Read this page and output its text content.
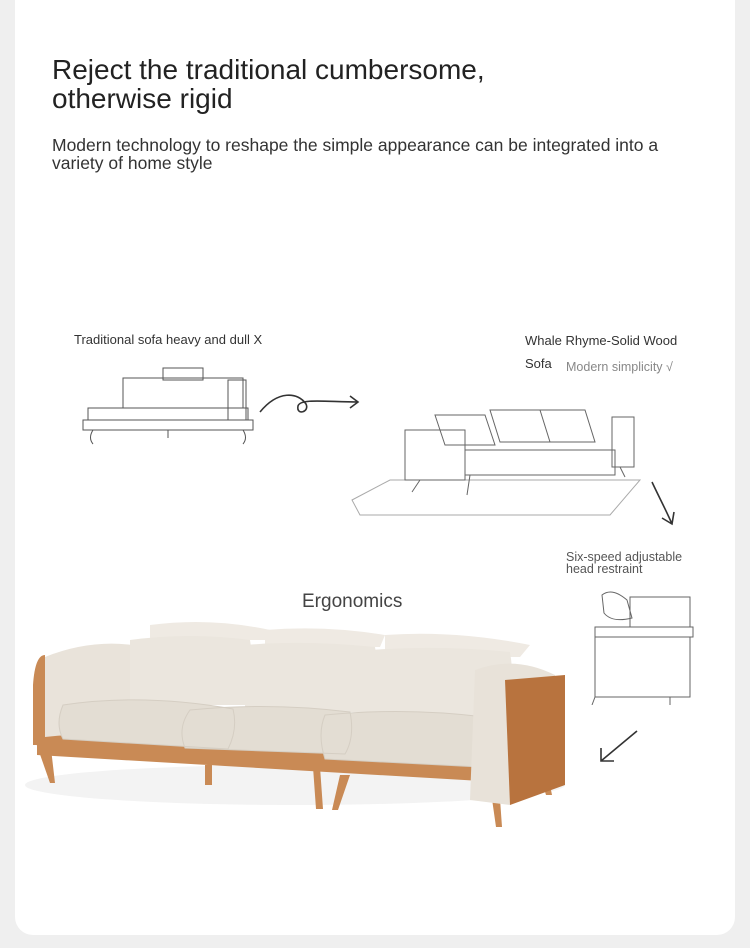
Reject the traditional cumbersome, otherwise rigid
Modern technology to reshape the simple appearance can be integrated into a variety of home style
Traditional sofa heavy and dull X	Whale Rhyme-Solid Wood
Sofa Modern simplicity √
Six-speed adjustable head restraint
Ergonomics
